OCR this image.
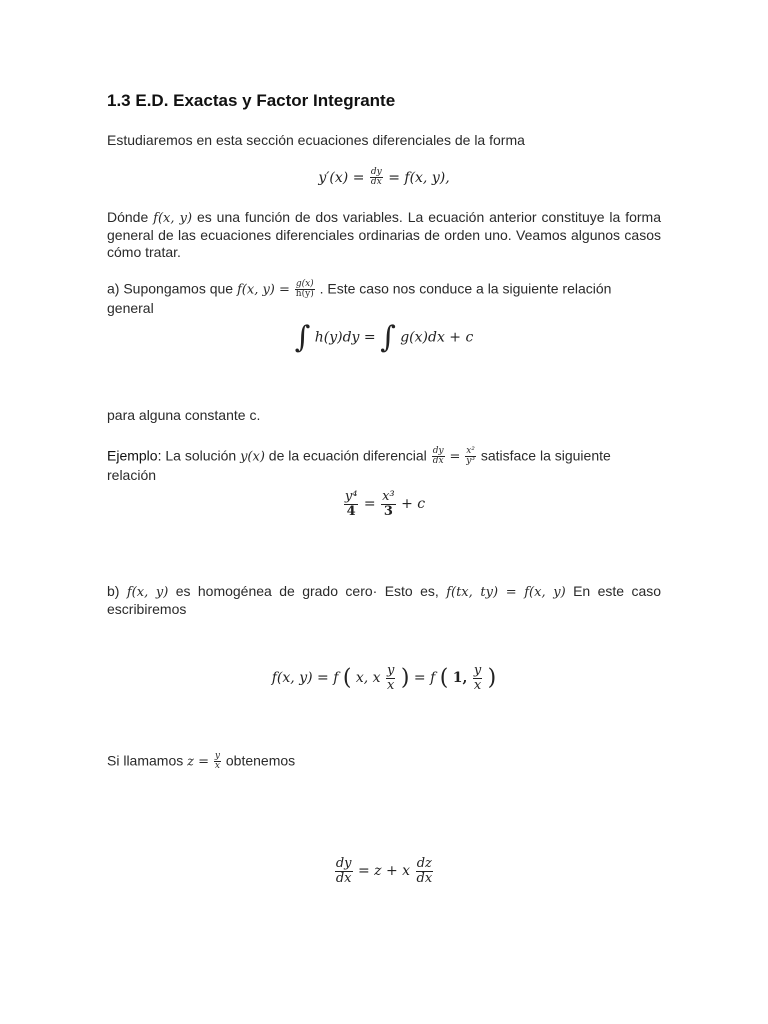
1.3 E.D. Exactas y Factor Integrante
Estudiaremos en esta sección ecuaciones diferenciales de la forma
$y'(x) = \frac{dy}{dx} = f(x$, y),
Dónde f(x, y) es una función de dos variables. La ecuación anterior constituye la forma general de las ecuaciones diferenciales ordinarias de orden uno. Veamos algunos casos cómo tratar.
a) Supongamos que f(x, $y) = \frac{g(x)}{h(y)}$ . Este caso nos conduce a la siguiente relación general
∫ h(y)dy = ∫ g(x)dx + c
para alguna constante c.
Ejemplo: La solución y(x) de la ecuación diferencial $\frac{dy}{dx} = \frac{\text{x²}}{\text{y³}}$ satisface la siguiente relación
$\frac{\text{y⁴}}{4} = \frac{\text{x³}}{3} + c$
b) f(x, y) es homogénea de grado cero· Esto es, f(tx, ty) = f(x, y) En este caso escribiremos
f(x, y) = f ( x, x $\frac{y}{x}$ ) = f ( 1, $\frac{y}{x}$ )
Si llamamos $z = \frac{y}{x}$ obtenemos
$\frac{dy}{dx} = z + x \frac{dz}{dx}$
